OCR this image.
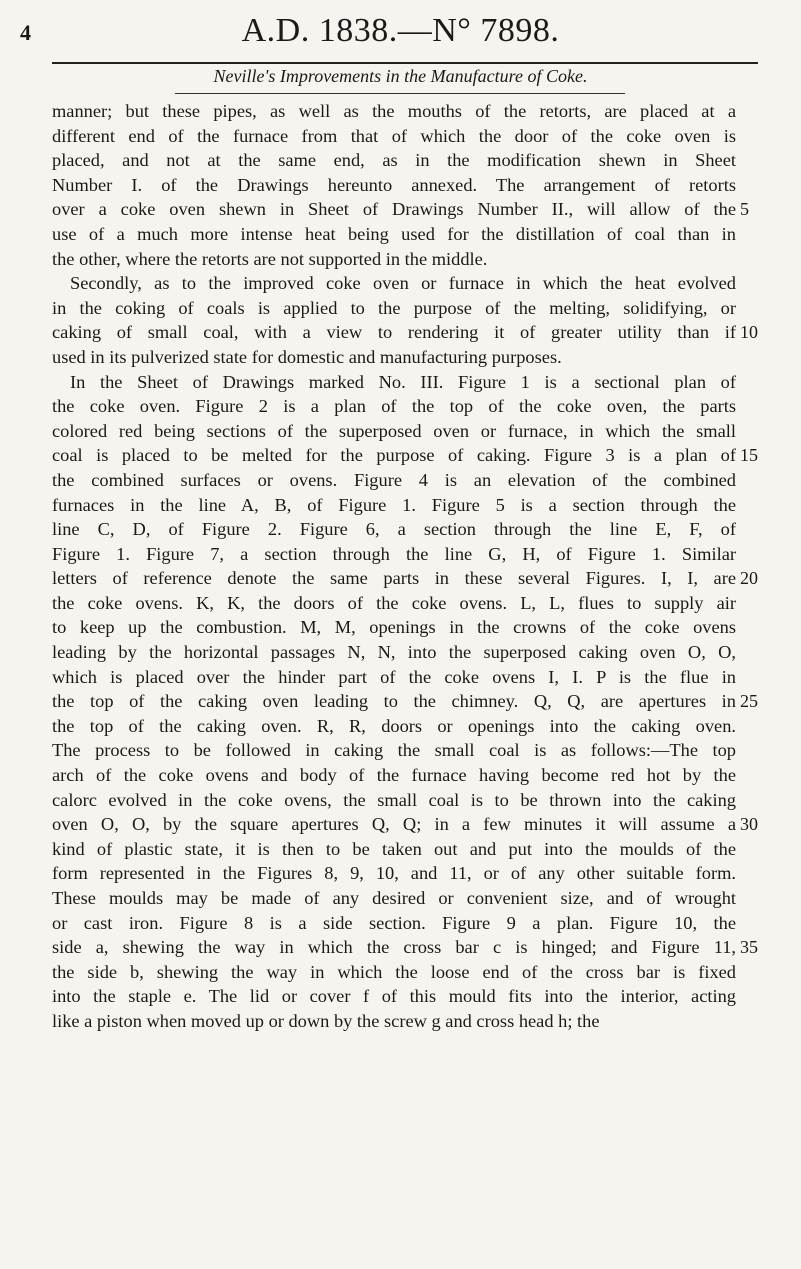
4	A.D. 1838.—N° 7898.
Neville's Improvements in the Manufacture of Coke.
manner; but these pipes, as well as the mouths of the retorts, are placed at a
different end of the furnace from that of which the door of the coke oven is
placed, and not at the same end, as in the modification shewn in Sheet
Number I. of the Drawings hereunto annexed. The arrangement of retorts
over a coke oven shewn in Sheet of Drawings Number II., will allow of the
use of a much more intense heat being used for the distillation of coal than in
the other, where the retorts are not supported in the middle.
Secondly, as to the improved coke oven or furnace in which the heat evolved
in the coking of coals is applied to the purpose of the melting, solidifying, or
caking of small coal, with a view to rendering it of greater utility than if
used in its pulverized state for domestic and manufacturing purposes.
In the Sheet of Drawings marked No. III. Figure 1 is a sectional plan of
the coke oven. Figure 2 is a plan of the top of the coke oven, the parts
colored red being sections of the superposed oven or furnace, in which the small
coal is placed to be melted for the purpose of caking. Figure 3 is a plan of
the combined surfaces or ovens. Figure 4 is an elevation of the combined
furnaces in the line A, B, of Figure 1. Figure 5 is a section through the
line C, D, of Figure 2. Figure 6, a section through the line E, F, of
Figure 1. Figure 7, a section through the line G, H, of Figure 1. Similar
letters of reference denote the same parts in these several Figures. I, I, are
the coke ovens. K, K, the doors of the coke ovens. L, L, flues to supply air
to keep up the combustion. M, M, openings in the crowns of the coke ovens
leading by the horizontal passages N, N, into the superposed caking oven O, O,
which is placed over the hinder part of the coke ovens I, I. P is the flue in
the top of the caking oven leading to the chimney. Q, Q, are apertures in
the top of the caking oven. R, R, doors or openings into the caking oven.
The process to be followed in caking the small coal is as follows:—The top
arch of the coke ovens and body of the furnace having become red hot by the
calorc evolved in the coke ovens, the small coal is to be thrown into the caking
oven O, O, by the square apertures Q, Q; in a few minutes it will assume a
kind of plastic state, it is then to be taken out and put into the moulds of the
form represented in the Figures 8, 9, 10, and 11, or of any other suitable form.
These moulds may be made of any desired or convenient size, and of wrought
or cast iron. Figure 8 is a side section. Figure 9 a plan. Figure 10, the
side a, shewing the way in which the cross bar c is hinged; and Figure 11,
the side b, shewing the way in which the loose end of the cross bar is fixed
into the staple e. The lid or cover f of this mould fits into the interior, acting
like a piston when moved up or down by the screw g and cross head h; the
5
10
15
20
25
30
35
